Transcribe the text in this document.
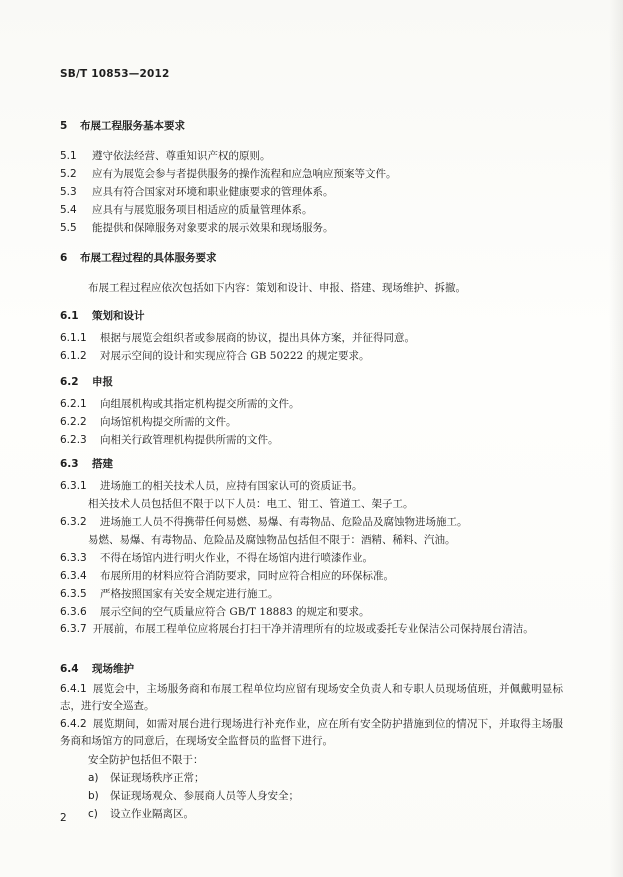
SB/T 10853—2012
5 布展工程服务基本要求
5.1 遵守依法经营、尊重知识产权的原则。
5.2 应有为展览会参与者提供服务的操作流程和应急响应预案等文件。
5.3 应具有符合国家对环境和职业健康要求的管理体系。
5.4 应具有与展览服务项目相适应的质量管理体系。
5.5 能提供和保障服务对象要求的展示效果和现场服务。
6 布展工程过程的具体服务要求
布展工程过程应依次包括如下内容：策划和设计、申报、搭建、现场维护、拆撤。
6.1 策划和设计
6.1.1 根据与展览会组织者或参展商的协议，提出具体方案，并征得同意。
6.1.2 对展示空间的设计和实现应符合 GB 50222 的规定要求。
6.2 申报
6.2.1 向组展机构或其指定机构提交所需的文件。
6.2.2 向场馆机构提交所需的文件。
6.2.3 向相关行政管理机构提供所需的文件。
6.3 搭建
6.3.1 进场施工的相关技术人员，应持有国家认可的资质证书。
相关技术人员包括但不限于以下人员：电工、钳工、管道工、架子工。
6.3.2 进场施工人员不得携带任何易燃、易爆、有毒物品、危险品及腐蚀物进场施工。
易燃、易爆、有毒物品、危险品及腐蚀物品包括但不限于：酒精、稀料、汽油。
6.3.3 不得在场馆内进行明火作业，不得在场馆内进行喷漆作业。
6.3.4 布展所用的材料应符合消防要求，同时应符合相应的环保标准。
6.3.5 严格按照国家有关安全规定进行施工。
6.3.6 展示空间的空气质量应符合 GB/T 18883 的规定和要求。
6.3.7 开展前，布展工程单位应将展台打扫干净并清理所有的垃圾或委托专业保洁公司保持展台清洁。
6.4 现场维护
6.4.1 展览会中，主场服务商和布展工程单位均应留有现场安全负责人和专职人员现场值班，并佩戴明显标志，进行安全巡查。
6.4.2 展览期间，如需对展台进行现场进行补充作业，应在所有安全防护措施到位的情况下，并取得主场服务商和场馆方的同意后，在现场安全监督员的监督下进行。
安全防护包括但不限于：
a) 保证现场秩序正常；
b) 保证现场观众、参展商人员等人身安全；
c) 设立作业隔离区。
2
